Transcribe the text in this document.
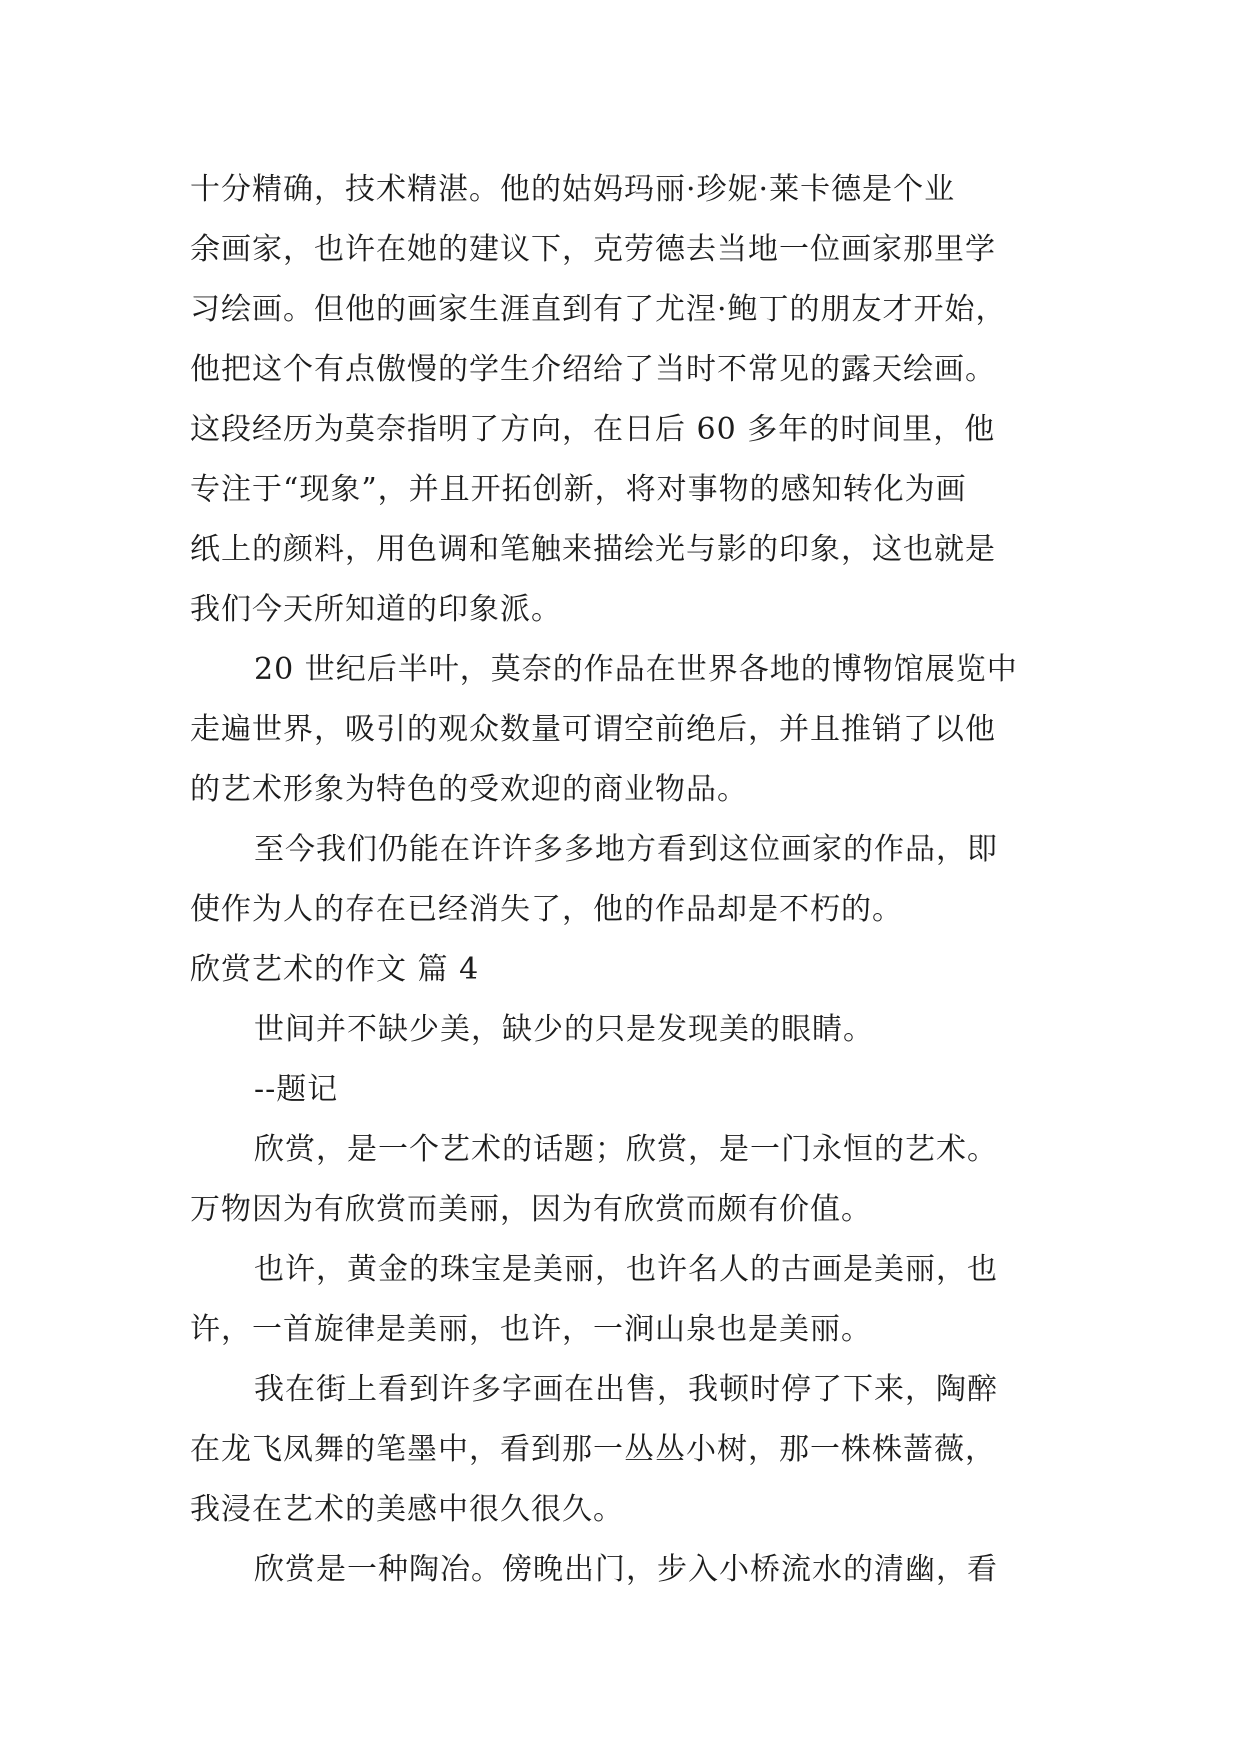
十分精确，技术精湛。他的姑妈玛丽·珍妮·莱卡德是个业
余画家，也许在她的建议下，克劳德去当地一位画家那里学
习绘画。但他的画家生涯直到有了尤涅·鲍丁的朋友才开始，
他把这个有点傲慢的学生介绍给了当时不常见的露天绘画。
这段经历为莫奈指明了方向，在日后 60 多年的时间里，他
专注于“现象”，并且开拓创新，将对事物的感知转化为画
纸上的颜料，用色调和笔触来描绘光与影的印象，这也就是
我们今天所知道的印象派。
20 世纪后半叶，莫奈的作品在世界各地的博物馆展览中
走遍世界，吸引的观众数量可谓空前绝后，并且推销了以他
的艺术形象为特色的受欢迎的商业物品。
至今我们仍能在许许多多地方看到这位画家的作品，即
使作为人的存在已经消失了，他的作品却是不朽的。
欣赏艺术的作文 篇 4
世间并不缺少美，缺少的只是发现美的眼睛。
--题记
欣赏，是一个艺术的话题；欣赏，是一门永恒的艺术。
万物因为有欣赏而美丽，因为有欣赏而颇有价值。
也许，黄金的珠宝是美丽，也许名人的古画是美丽，也
许，一首旋律是美丽，也许，一涧山泉也是美丽。
我在街上看到许多字画在出售，我顿时停了下来，陶醉
在龙飞凤舞的笔墨中，看到那一丛丛小树，那一株株蔷薇，
我浸在艺术的美感中很久很久。
欣赏是一种陶冶。傍晚出门，步入小桥流水的清幽，看
